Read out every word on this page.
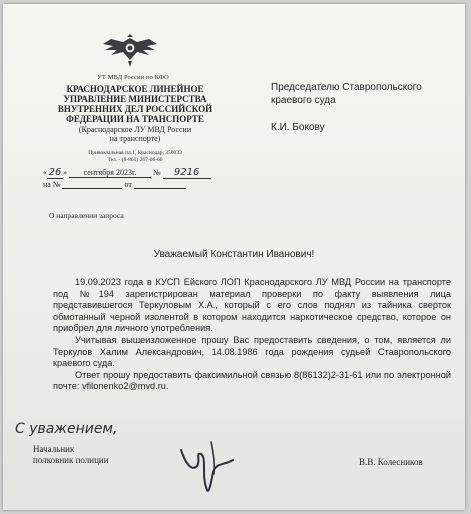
УТ МВД России по КФО
КРАСНОДАРСКОЕ ЛИНЕЙНОЕ
УПРАВЛЕНИЕ МИНИСТЕРСТВА
ВНУТРЕННИХ ДЕЛ РОССИЙСКОЙ
ФЕДЕРАЦИИ НА ТРАНСПОРТЕ
(Краснодарское ЛУ МВД России
на транспорте)
Привокзальная пл.1, Краснодар, 350033
Тел. - (8-861) 267-06-60
« 26 » сентября 2023г. № 9216
на №	от
О направлении запроса
Председателю Ставропольского
краевого суда
К.И. Бокову
Уважаемый Константин Иванович!

19.09.2023 года в КУСП Ейского ЛОП Краснодарского ЛУ МВД России на транспорте под №194 зарегистрирован материал проверки по факту выявления лица представившегося Теркуловым Х.А., который с его слов поднял из тайника сверток обмотанный черной изолентой в котором находится наркотическое средство, которое он приобрел для личного употребления.

Учитывая вышеизложенное прошу Вас предоставить сведения, о том, является ли Теркулов Халим Александрович, 14.08.1986 года рождения судьей Ставропольского краевого суда.

Ответ прошу предоставить факсимильной связью 8(86132)2-31-61 или по электронной почте: vfilonenko2@mvd.ru.

С уважением,
Начальник
полковник полиции	В.В. Колесников
